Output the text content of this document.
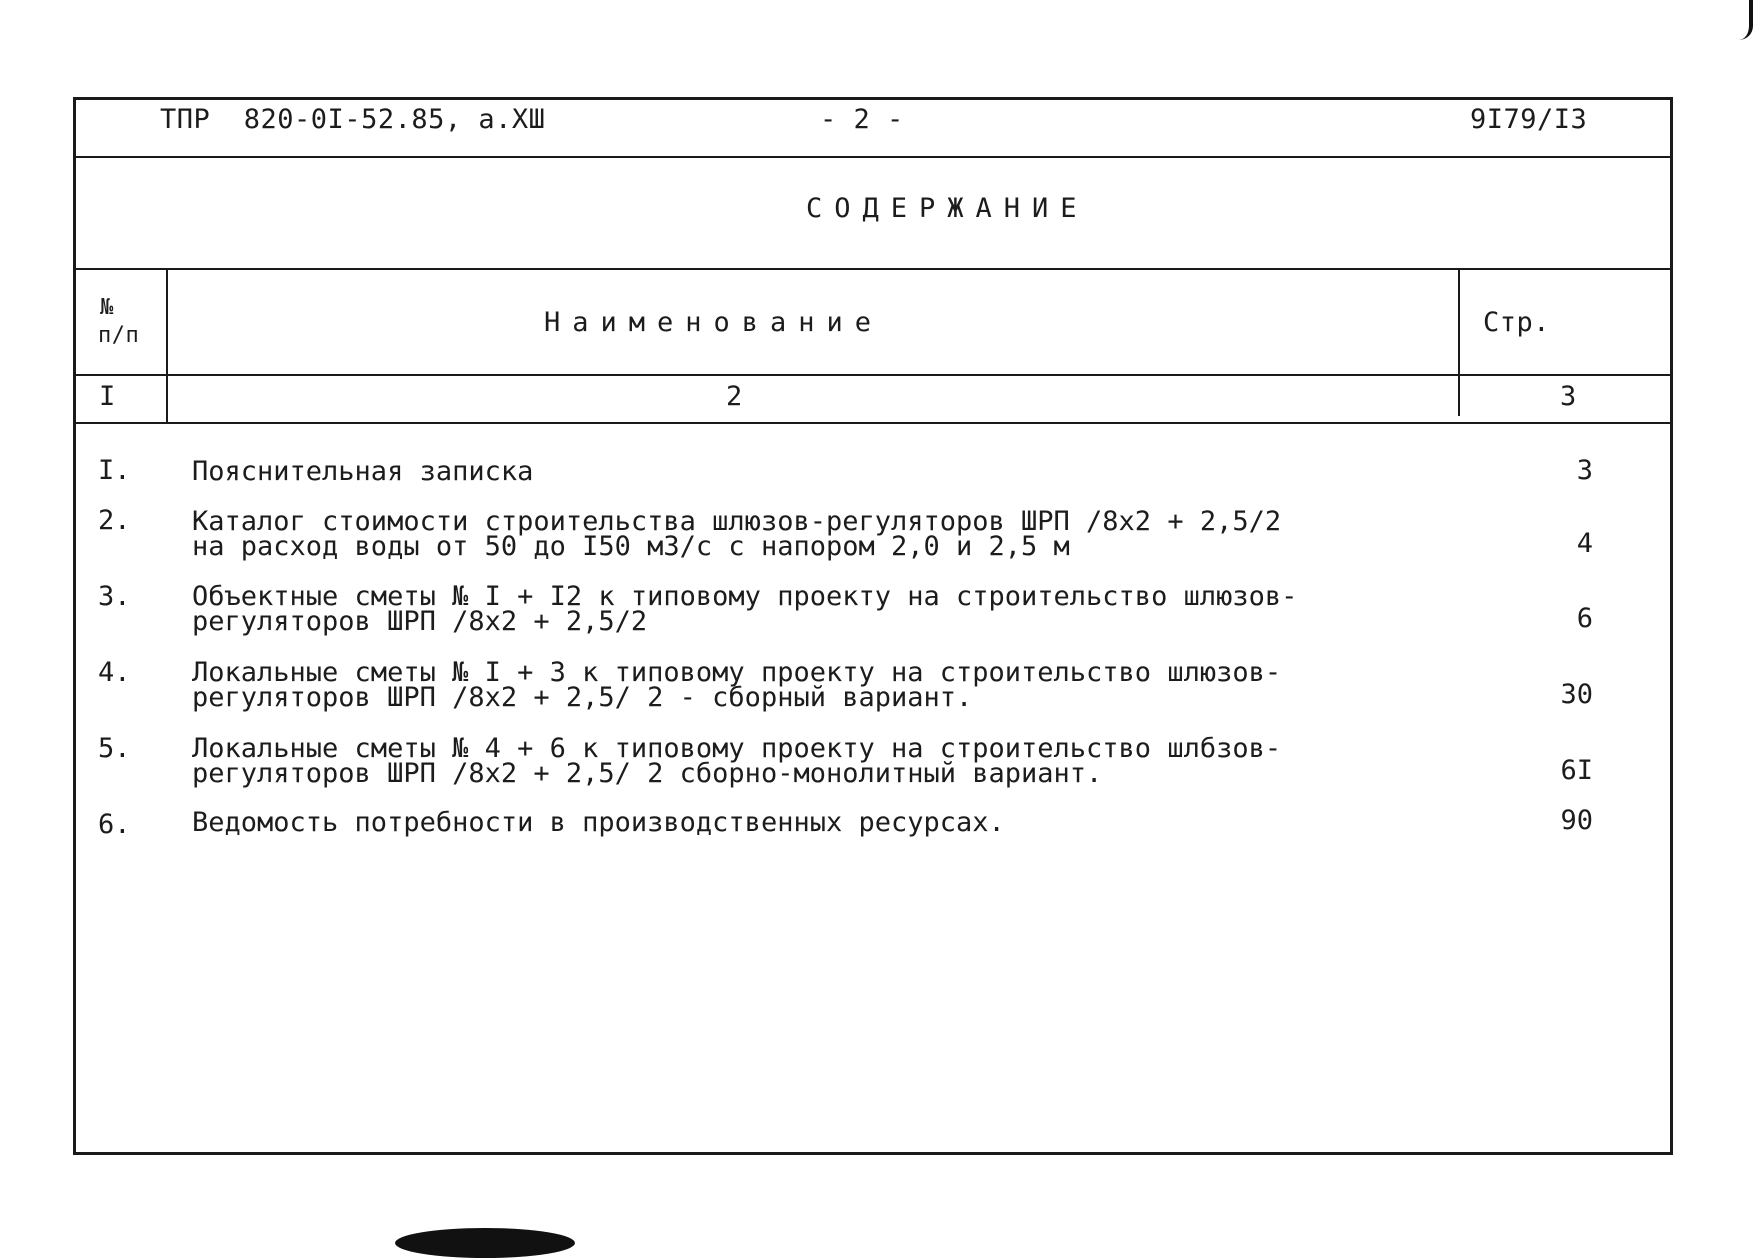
ТПР  820-0I-52.85, а.ХШ	- 2 -	9I79/I3
СОДЕРЖАНИЕ
№
п/п	Наименование	Стр.
I	2	3
I. Пояснительная записка	3
2. Каталог стоимости строительства шлюзов-регуляторов ШРП /8х2 + 2,5/2
на расход воды от 50 до I50 м3/с с напором 2,0 и 2,5 м	4
3. Объектные сметы № I + I2 к типовому проекту на строительство шлюзов-
регуляторов ШРП /8х2 + 2,5/2	6
4. Локальные сметы № I + 3 к типовому проекту на строительство шлюзов-
регуляторов ШРП /8х2 + 2,5/ 2 - сборный вариант.	30
5. Локальные сметы № 4 + 6 к типовому проекту на строительство шлбзов-
регуляторов ШРП /8х2 + 2,5/ 2 сборно-монолитный вариант.	6I
6. Ведомость потребности в производственных ресурсах.	90
